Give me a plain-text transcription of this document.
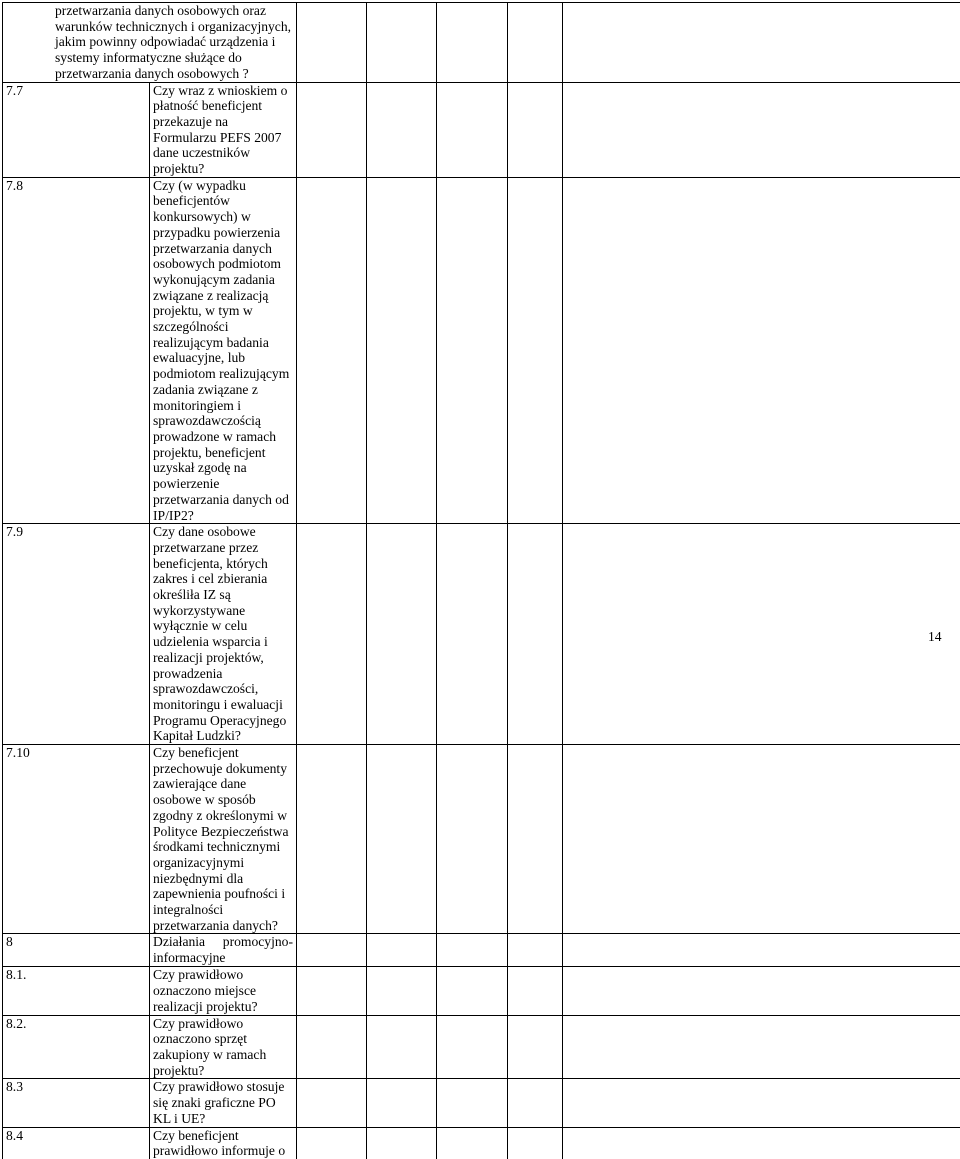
przetwarzania danych osobowych oraz warunków technicznych i organizacyjnych, jakim powinny odpowiadać urządzenia i systemy informatyczne służące do przetwarzania danych osobowych ?						
7.7	Czy wraz z wnioskiem o płatność beneficjent przekazuje na Formularzu PEFS 2007 dane uczestników projektu?					
7.8	Czy (w wypadku beneficjentów konkursowych) w przypadku powierzenia przetwarzania danych osobowych podmiotom wykonującym zadania związane z realizacją projektu, w tym w szczególności realizującym badania ewaluacyjne, lub podmiotom realizującym zadania związane z monitoringiem i sprawozdawczością prowadzone w ramach projektu, beneficjent uzyskał zgodę na powierzenie przetwarzania danych od IP/IP2?					
7.9	Czy dane osobowe przetwarzane przez beneficjenta, których zakres i cel zbierania określiła IZ są wykorzystywane wyłącznie w celu udzielenia wsparcia i realizacji projektów, prowadzenia sprawozdawczości, monitoringu i ewaluacji Programu Operacyjnego Kapitał Ludzki?					
7.10	Czy beneficjent przechowuje dokumenty zawierające dane osobowe w sposób zgodny z określonymi w Polityce Bezpieczeństwa środkami technicznymi organizacyjnymi niezbędnymi dla zapewnienia poufności i integralności przetwarzania danych?					
8	Działania promocyjno-
informacyjne					

8.1.	Czy prawidłowo oznaczono miejsce realizacji projektu?					
8.2.	Czy prawidłowo oznaczono sprzęt zakupiony w ramach projektu?					
8.3	Czy prawidłowo stosuje się znaki graficzne PO KL i UE?					
8.4	Czy beneficjent prawidłowo informuje o					
14
